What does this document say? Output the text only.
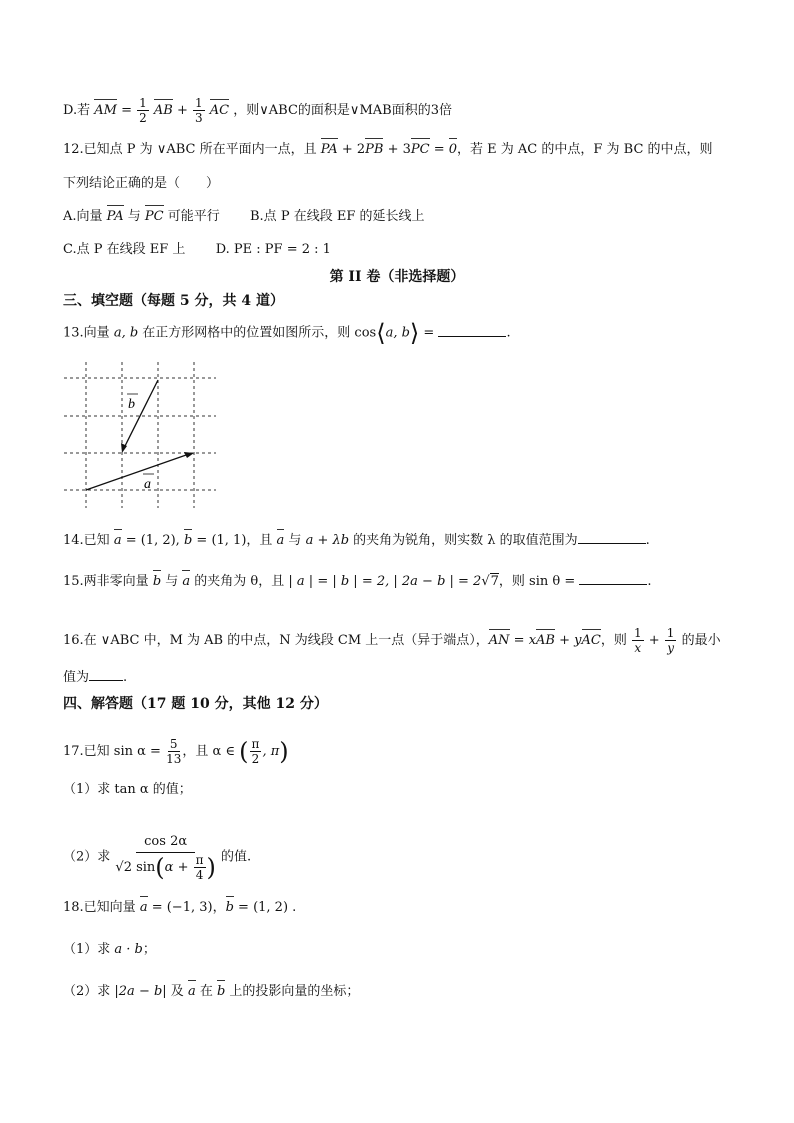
D.若 AM = $\frac{1}{2}$ AB + $\frac{1}{3}$ AC ，则∨ABC的面积是∨MAB面积的3倍
12.已知点 P 为 ∨ABC 所在平面内一点，且 PA + 2PB + 3PC = 0，若 E 为 AC 的中点，F 为 BC 的中点，则
下列结论正确的是（　　）
A.向量 PA 与 PC 可能平行 B.点 P 在线段 EF 的延长线上
C.点 P 在线段 EF 上 D. PE : PF = 2 : 1
第 II 卷（非选择题）
三、填空题（每题 5 分，共 4 道）
13.向量 a, b 在正方形网格中的位置如图所示，则 cos⟨a, b⟩ =	.
a
b
14.已知 a = (1, 2), b = (1, 1)，且 a 与 a + λb 的夹角为锐角，则实数 λ 的取值范围为	.
15.两非零向量 b 与 a 的夹角为 θ，且 | a | = | b | = 2, | 2a − b | = 2√7，则 sin θ =	.
16.在 ∨ABC 中，M 为 AB 的中点，N 为线段 CM 上一点（异于端点），AN = xAB + yAC，则 $\frac{1}{x} + \frac{1}{y}$ 的最小
值为	.
四、解答题（17 题 10 分，其他 12 分）
17.已知 $\sin \alpha = \frac{5}{13}$ ，且 α ∈ ( $\frac{\pi}{2}$ , π)
（1）求 tan α 的值；
（2）求 $\frac{\cos 2\alpha}{√2 \sin(\alpha + \frac{\pi}{4} )}$ 的值.
18.已知向量 a = (−1, 3)，b = (1, 2) .
（1）求 a · b；
（2）求 |2a − b| 及 a 在 b 上的投影向量的坐标；
